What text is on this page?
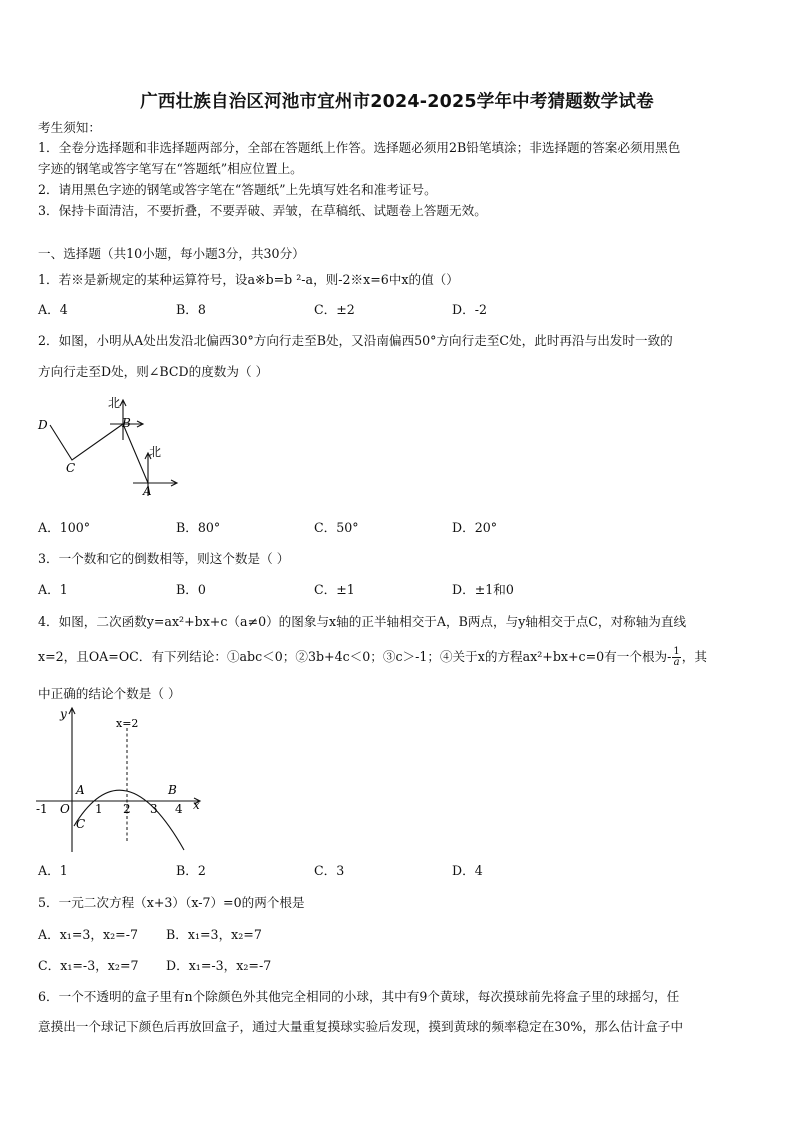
广西壮族自治区河池市宜州市2024-2025学年中考猜题数学试卷
考生须知：
1．全卷分选择题和非选择题两部分，全部在答题纸上作答。选择题必须用2B铅笔填涂；非选择题的答案必须用黑色
字迹的钢笔或答字笔写在“答题纸”相应位置上。
2．请用黑色字迹的钢笔或答字笔在“答题纸”上先填写姓名和准考证号。
3．保持卡面清洁，不要折叠，不要弄破、弄皱，在草稿纸、试题卷上答题无效。
一、选择题（共10小题，每小题3分，共30分）
1．若※是新规定的某种运算符号，设a※b=b ²-a，则-2※x=6中x的值（）
A．4	B．8	C．±2	D．-2
2．如图，小明从A处出发沿北偏西30°方向行走至B处，又沿南偏西50°方向行走至C处，此时再沿与出发时一致的
方向行走至D处，则∠BCD的度数为（ ）
北
北
D
C
B
A
A．100°	B．80°	C．50°	D．20°
3．一个数和它的倒数相等，则这个数是（ ）
A．1	B．0	C．±1	D．±1和0
4．如图，二次函数y=ax²+bx+c（a≠0）的图象与x轴的正半轴相交于A，B两点，与y轴相交于点C，对称轴为直线
x=2，且OA=OC．有下列结论：①abc＜0；②3b+4c＜0；③c＞-1；④关于x的方程ax²+bx+c=0有一个根为- $\frac{1}{a}$ ，其
中正确的结论个数是（ ）
x=2
y
x
-1 O 1 2 3 4
A	B
C
A．1	B．2	C．3	D．4
5．一元二次方程（x+3）（x-7）=0的两个根是
A．x₁=3，x₂=-7 B．x₁=3，x₂=7
C．x₁=-3，x₂=7 D．x₁=-3，x₂=-7
6．一个不透明的盒子里有n个除颜色外其他完全相同的小球，其中有9个黄球，每次摸球前先将盒子里的球摇匀，任
意摸出一个球记下颜色后再放回盒子，通过大量重复摸球实验后发现，摸到黄球的频率稳定在30%，那么估计盒子中
